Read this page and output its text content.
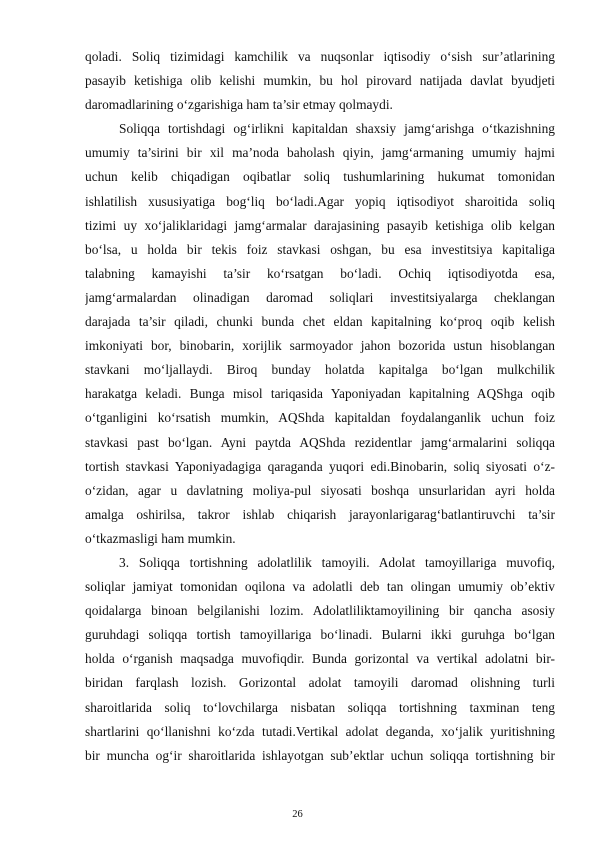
qoladi. Soliq tizimidagi kamchilik va nuqsonlar iqtisodiy o‘sish sur’atlarining
pasayib ketishiga olib kelishi mumkin, bu hol pirovard natijada davlat byudjeti
daromadlarining o‘zgarishiga ham ta’sir etmay qolmaydi.
Soliqqa tortishdagi og‘irlikni kapitaldan shaxsiy jamg‘arishga o‘tkazishning
umumiy ta’sirini bir xil ma’noda baholash qiyin, jamg‘armaning umumiy hajmi
uchun kelib chiqadigan oqibatlar soliq tushumlarining hukumat tomonidan
ishlatilish xususiyatiga bog‘liq bo‘ladi.Agar yopiq iqtisodiyot sharoitida soliq
tizimi uy xo‘jaliklaridagi jamg‘armalar darajasining pasayib ketishiga olib kelgan
bo‘lsa, u holda bir tekis foiz stavkasi oshgan, bu esa investitsiya kapitaliga
talabning kamayishi ta’sir ko‘rsatgan bo‘ladi. Ochiq iqtisodiyotda esa,
jamg‘armalardan olinadigan daromad soliqlari investitsiyalarga cheklangan
darajada ta’sir qiladi, chunki bunda chet eldan kapitalning ko‘proq oqib kelish
imkoniyati bor, binobarin, xorijlik sarmoyador jahon bozorida ustun hisoblangan
stavkani mo‘ljallaydi. Biroq bunday holatda kapitalga bo‘lgan mulkchilik
harakatga keladi. Bunga misol tariqasida Yaponiyadan kapitalning AQShga oqib
o‘tganligini ko‘rsatish mumkin, AQShda kapitaldan foydalanganlik uchun foiz
stavkasi past bo‘lgan. Ayni paytda AQShda rezidentlar jamg‘armalarini soliqqa
tortish stavkasi Yaponiyadagiga qaraganda yuqori edi.Binobarin, soliq siyosati o‘z-
o‘zidan, agar u davlatning moliya-pul siyosati boshqa unsurlaridan ayri holda
amalga oshirilsa, takror ishlab chiqarish jarayonlarigarag‘batlantiruvchi ta’sir
o‘tkazmasligi ham mumkin.
3. Soliqqa tortishning adolatlilik tamoyili. Adolat tamoyillariga muvofiq,
soliqlar jamiyat tomonidan oqilona va adolatli deb tan olingan umumiy ob’ektiv
qoidalarga binoan belgilanishi lozim. Adolatliliktamoyilining bir qancha asosiy
guruhdagi soliqqa tortish tamoyillariga bo‘linadi. Bularni ikki guruhga bo‘lgan
holda o‘rganish maqsadga muvofiqdir. Bunda gorizontal va vertikal adolatni bir-
biridan farqlash lozish. Gorizontal adolat tamoyili daromad olishning turli
sharoitlarida soliq to‘lovchilarga nisbatan soliqqa tortishning taxminan teng
shartlarini qo‘llanishni ko‘zda tutadi.Vertikal adolat deganda, xo‘jalik yuritishning
bir muncha og‘ir sharoitlarida ishlayotgan sub’ektlar uchun soliqqa tortishning bir
26
